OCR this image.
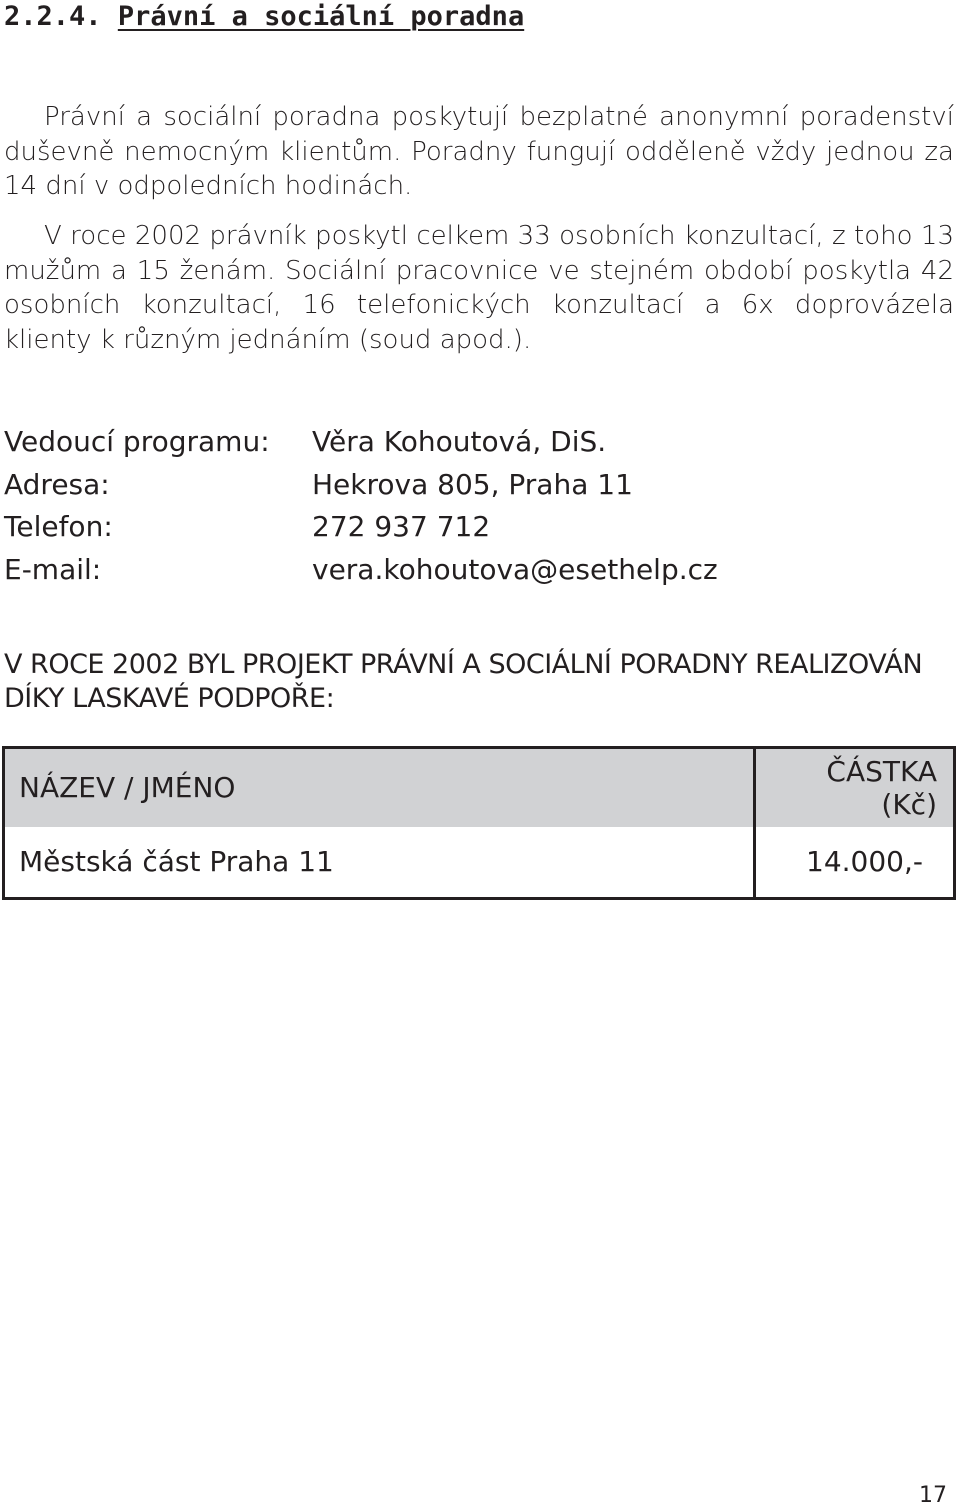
2.2.4. Právní a sociální poradna

Právní a sociální poradna poskytují bezplatné anonymní poradenství duševně nemocným klientům. Poradny fungují odděleně vždy jednou za 14 dní v odpoledních hodinách.

V roce 2002 právník poskytl celkem 33 osobních konzultací, z toho 13 mužům a 15 ženám. Sociální pracovnice ve stejném období poskytla 42 osobních konzultací, 16 telefonických konzultací a 6x doprovázela klienty k různým jednáním (soud apod.).

Vedoucí programu:	Věra Kohoutová, DiS.
Adresa:	Hekrova 805, Praha 11
Telefon:	272 937 712
E-mail:	vera.kohoutova@esethelp.cz

V ROCE 2002 BYL PROJEKT PRÁVNÍ A SOCIÁLNÍ PORADNY REALIZOVÁN DÍKY LASKAVÉ PODPOŘE:

NÁZEV / JMÉNO	ČÁSTKA (Kč)
Městská část Praha 11	14.000,-
17
